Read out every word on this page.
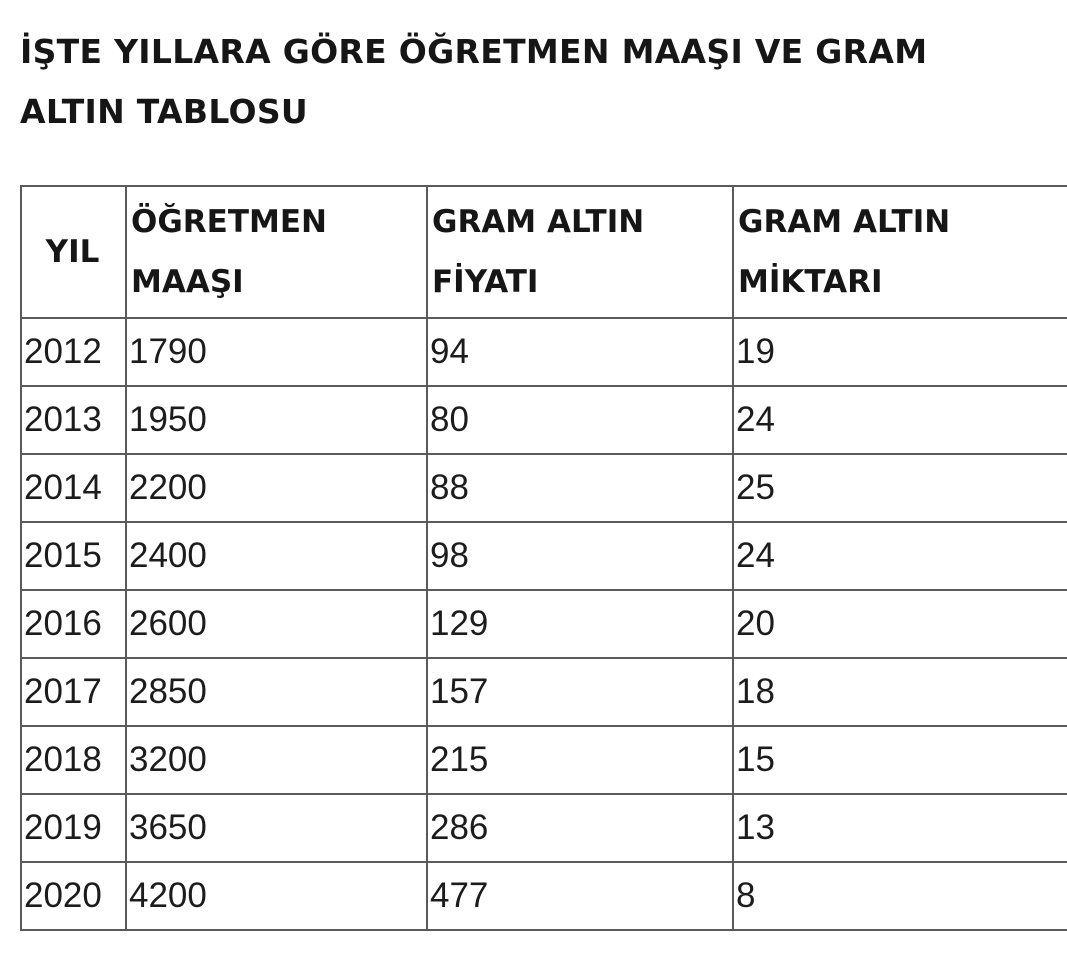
İŞTE YILLARA GÖRE ÖĞRETMEN MAAŞI VE GRAM ALTIN TABLOSU
YIL	ÖĞRETMEN MAAŞI	GRAM ALTIN FİYATI	GRAM ALTIN MİKTARI
2012	1790	94	19
2013	1950	80	24
2014	2200	88	25
2015	2400	98	24
2016	2600	129	20
2017	2850	157	18
2018	3200	215	15
2019	3650	286	13
2020	4200	477	8
